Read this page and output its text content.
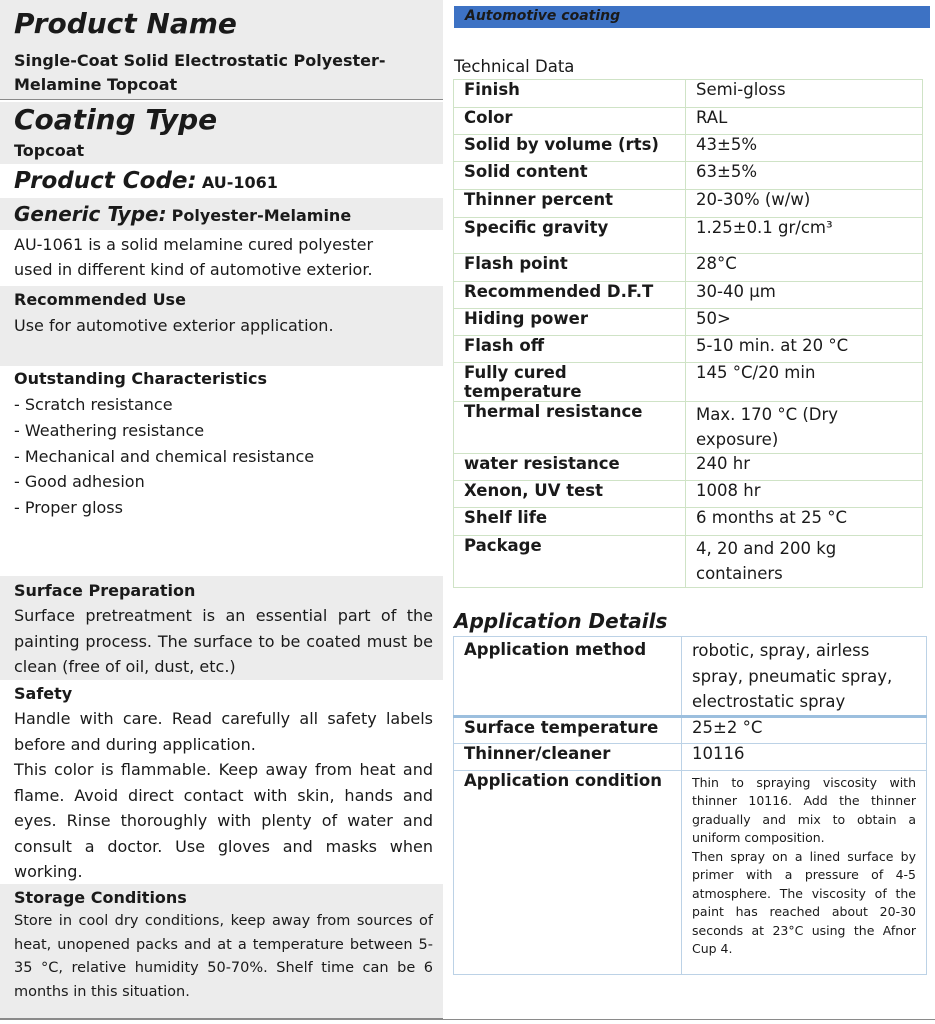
Product Name
Single-Coat Solid Electrostatic Polyester-Melamine Topcoat
Coating Type
Topcoat
Product Code: AU-1061
Generic Type: Polyester-Melamine
AU-1061 is a solid melamine cured polyester used in different kind of automotive exterior.
Recommended Use
Use for automotive exterior application.
Outstanding Characteristics
- Scratch resistance
- Weathering resistance
- Mechanical and chemical resistance
- Good adhesion
- Proper gloss
Surface Preparation
Surface pretreatment is an essential part of the painting process. The surface to be coated must be clean (free of oil, dust, etc.)
Safety
Handle with care. Read carefully all safety labels before and during application.
This color is flammable. Keep away from heat and flame. Avoid direct contact with skin, hands and eyes. Rinse thoroughly with plenty of water and consult a doctor. Use gloves and masks when working.
Storage Conditions
Store in cool dry conditions, keep away from sources of heat, unopened packs and at a temperature between 5-35 °C, relative humidity 50-70%. Shelf time can be 6 months in this situation.
Automotive coating
Technical Data
Finish	Semi-gloss
Color	RAL
Solid by volume (rts)	43±5%
Solid content	63±5%
Thinner percent	20-30% (w/w)
Specific gravity	1.25±0.1 gr/cm³
Flash point	28°C
Recommended D.F.T	30-40 µm
Hiding power	50>
Flash off	5-10 min. at 20 °C
Fully cured temperature	145 °C/20 min
Thermal resistance	Max. 170 °C (Dry exposure)
water resistance	240 hr
Xenon, UV test	1008 hr
Shelf life	6 months at 25 °C
Package	4, 20 and 200 kg containers
Application Details
Application method	robotic, spray, airless spray, pneumatic spray, electrostatic spray
Surface temperature	25±2 °C
Thinner/cleaner	10116
Application condition	Thin to spraying viscosity with thinner 10116. Add the thinner gradually and mix to obtain a uniform composition.
Then spray on a lined surface by primer with a pressure of 4-5 atmosphere. The viscosity of the paint has reached about 20-30 seconds at 23°C using the Afnor Cup 4.
